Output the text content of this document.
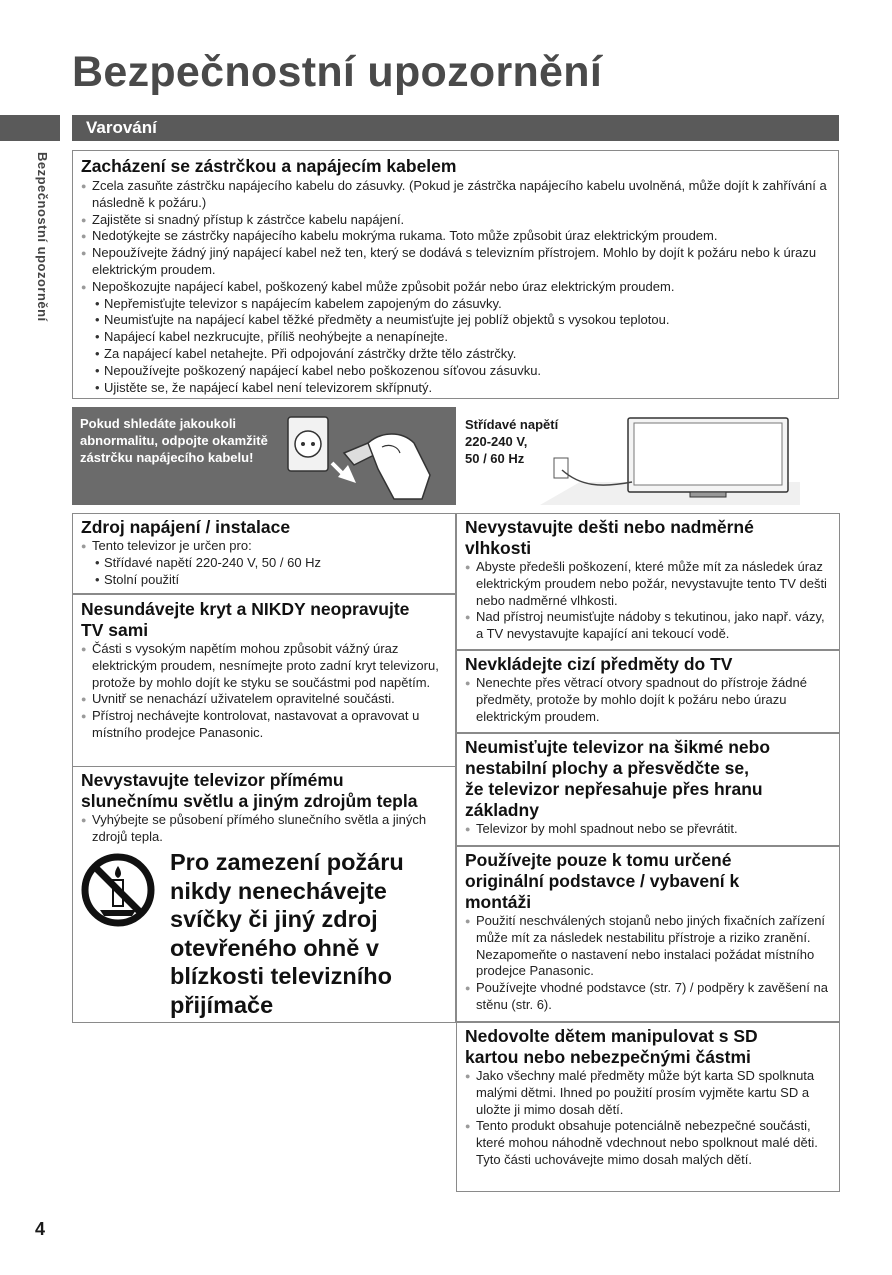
Bezpečnostní upozornění
Bezpečnostní upozornění
Varování
Zacházení se zástrčkou a napájecím kabelem
● Zcela zasuňte zástrčku napájecího kabelu do zásuvky. (Pokud je zástrčka napájecího kabelu uvolněná, může dojít k zahřívání a následně k požáru.)
● Zajistěte si snadný přístup k zástrčce kabelu napájení.
● Nedotýkejte se zástrčky napájecího kabelu mokrýma rukama. Toto může způsobit úraz elektrickým proudem.
● Nepoužívejte žádný jiný napájecí kabel než ten, který se dodává s televizním přístrojem. Mohlo by dojít k požáru nebo k úrazu elektrickým proudem.
● Nepoškozujte napájecí kabel, poškozený kabel může způsobit požár nebo úraz elektrickým proudem.
• Nepřemisťujte televizor s napájecím kabelem zapojeným do zásuvky.
• Neumisťujte na napájecí kabel těžké předměty a neumisťujte jej poblíž objektů s vysokou teplotou.
• Napájecí kabel nezkrucujte, příliš neohýbejte a nenapínejte.
• Za napájecí kabel netahejte. Při odpojování zástrčky držte tělo zástrčky.
• Nepoužívejte poškozený napájecí kabel nebo poškozenou síťovou zásuvku.
• Ujistěte se, že napájecí kabel není televizorem skřípnutý.
Pokud shledáte jakoukoli abnormalitu, odpojte okamžitě zástrčku napájecího kabelu!
Střídavé napětí
220-240 V,
50 / 60 Hz
Zdroj napájení / instalace
● Tento televizor je určen pro:
• Střídavé napětí 220-240 V, 50 / 60 Hz
• Stolní použití
Nesundávejte kryt a NIKDY neopravujte
TV sami
● Části s vysokým napětím mohou způsobit vážný úraz elektrickým proudem, nesnímejte proto zadní kryt televizoru, protože by mohlo dojít ke styku se součástmi pod napětím.
● Uvnitř se nenachází uživatelem opravitelné součásti.
● Přístroj nechávejte kontrolovat, nastavovat a opravovat u místního prodejce Panasonic.
Nevystavujte televizor přímému
slunečnímu světlu a jiným zdrojům tepla
● Vyhýbejte se působení přímého slunečního světla a jiných zdrojů tepla.
Pro zamezení požáru
nikdy nenechávejte
svíčky či jiný zdroj
otevřeného ohně v
blízkosti televizního
přijímače
Nevystavujte dešti nebo nadměrné
vlhkosti
● Abyste předešli poškození, které může mít za následek úraz elektrickým proudem nebo požár, nevystavujte tento TV dešti nebo nadměrné vlhkosti.
● Nad přístroj neumisťujte nádoby s tekutinou, jako např. vázy, a TV nevystavujte kapající ani tekoucí vodě.
Nevkládejte cizí předměty do TV
● Nenechte přes větrací otvory spadnout do přístroje žádné předměty, protože by mohlo dojít k požáru nebo úrazu elektrickým proudem.
Neumisťujte televizor na šikmé nebo
nestabilní plochy a přesvědčte se,
že televizor nepřesahuje přes hranu
základny
● Televizor by mohl spadnout nebo se převrátit.
Používejte pouze k tomu určené
originální podstavce / vybavení k
montáži
● Použití neschválených stojanů nebo jiných fixačních zařízení může mít za následek nestabilitu přístroje a riziko zranění. Nezapomeňte o nastavení nebo instalaci požádat místního prodejce Panasonic.
● Používejte vhodné podstavce (str. 7) / podpěry k zavěšení na stěnu (str. 6).
Nedovolte dětem manipulovat s SD
kartou nebo nebezpečnými částmi
● Jako všechny malé předměty může být karta SD spolknuta malými dětmi. Ihned po použití prosím vyjměte kartu SD a uložte ji mimo dosah dětí.
● Tento produkt obsahuje potenciálně nebezpečné součásti, které mohou náhodně vdechnout nebo spolknout malé děti. Tyto části uchovávejte mimo dosah malých dětí.
4
